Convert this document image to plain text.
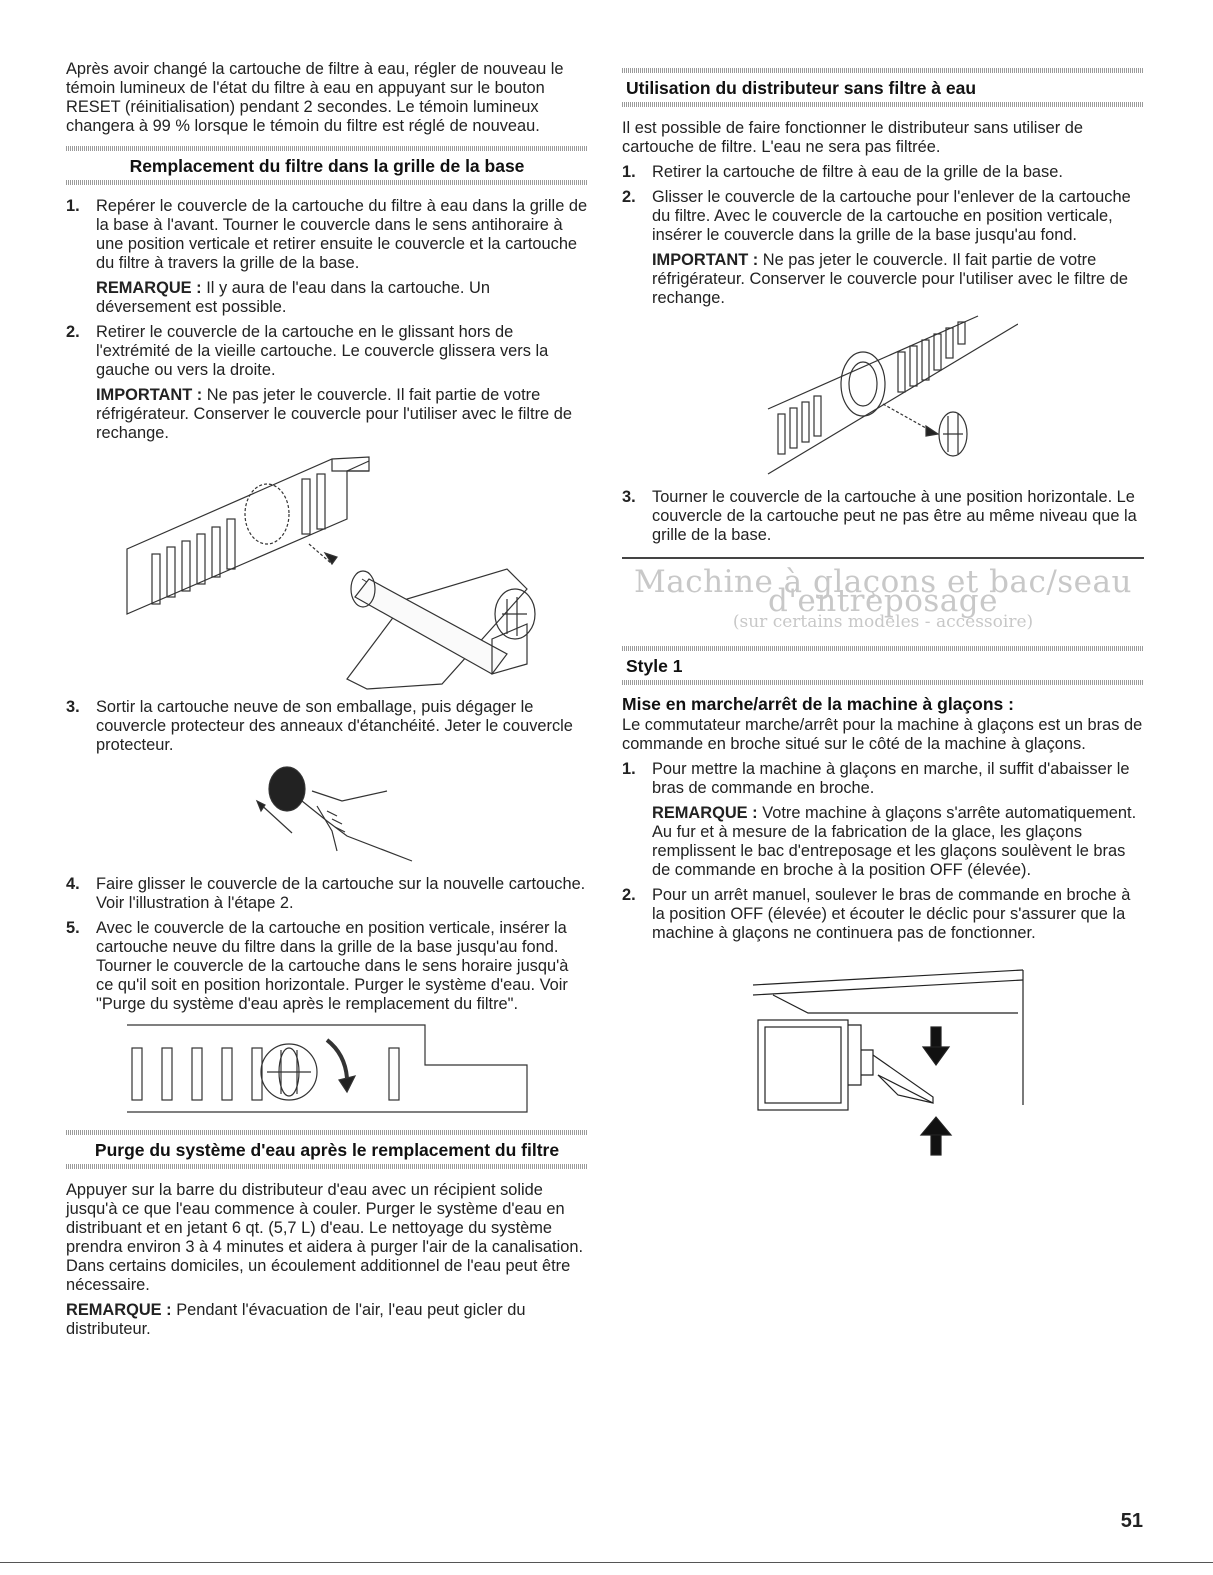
Après avoir changé la cartouche de filtre à eau, régler de nouveau le témoin lumineux de l'état du filtre à eau en appuyant sur le bouton RESET (réinitialisation) pendant 2 secondes. Le témoin lumineux changera à 99 % lorsque le témoin du filtre est réglé de nouveau.

Remplacement du filtre dans la grille de la base
1. Repérer le couvercle de la cartouche du filtre à eau dans la grille de la base à l'avant. Tourner le couvercle dans le sens antihoraire à une position verticale et retirer ensuite le couvercle et la cartouche du filtre à travers la grille de la base.

REMARQUE : Il y aura de l'eau dans la cartouche. Un déversement est possible.

2. Retirer le couvercle de la cartouche en le glissant hors de l'extrémité de la vieille cartouche. Le couvercle glissera vers la gauche ou vers la droite.

IMPORTANT : Ne pas jeter le couvercle. Il fait partie de votre réfrigérateur. Conserver le couvercle pour l'utiliser avec le filtre de rechange.

3. Sortir la cartouche neuve de son emballage, puis dégager le couvercle protecteur des anneaux d'étanchéité. Jeter le couvercle protecteur.

4. Faire glisser le couvercle de la cartouche sur la nouvelle cartouche. Voir l'illustration à l'étape 2.

5. Avec le couvercle de la cartouche en position verticale, insérer la cartouche neuve du filtre dans la grille de la base jusqu'au fond. Tourner le couvercle de la cartouche dans le sens horaire jusqu'à ce qu'il soit en position horizontale. Purger le système d'eau. Voir "Purge du système d'eau après le remplacement du filtre".

Purge du système d'eau après le remplacement du filtre

Appuyer sur la barre du distributeur d'eau avec un récipient solide jusqu'à ce que l'eau commence à couler. Purger le système d'eau en distribuant et en jetant 6 qt. (5,7 L) d'eau. Le nettoyage du système prendra environ 3 à 4 minutes et aidera à purger l'air de la canalisation. Dans certains domiciles, un écoulement additionnel de l'eau peut être nécessaire.

REMARQUE : Pendant l'évacuation de l'air, l'eau peut gicler du distributeur.

Utilisation du distributeur sans filtre à eau

Il est possible de faire fonctionner le distributeur sans utiliser de cartouche de filtre. L'eau ne sera pas filtrée.

1. Retirer la cartouche de filtre à eau de la grille de la base.

2. Glisser le couvercle de la cartouche pour l'enlever de la cartouche du filtre. Avec le couvercle de la cartouche en position verticale, insérer le couvercle dans la grille de la base jusqu'au fond.

IMPORTANT : Ne pas jeter le couvercle. Il fait partie de votre réfrigérateur. Conserver le couvercle pour l'utiliser avec le filtre de rechange.

3. Tourner le couvercle de la cartouche à une position horizontale. Le couvercle de la cartouche peut ne pas être au même niveau que la grille de la base.

Machine à glaçons et bac/seau d'entreposage
(sur certains modèles - accessoire)
Style 1
Mise en marche/arrêt de la machine à glaçons :

Le commutateur marche/arrêt pour la machine à glaçons est un bras de commande en broche situé sur le côté de la machine à glaçons.

1. Pour mettre la machine à glaçons en marche, il suffit d'abaisser le bras de commande en broche.

REMARQUE : Votre machine à glaçons s'arrête automatiquement. Au fur et à mesure de la fabrication de la glace, les glaçons remplissent le bac d'entreposage et les glaçons soulèvent le bras de commande en broche à la position OFF (élevée).

2. Pour un arrêt manuel, soulever le bras de commande en broche à la position OFF (élevée) et écouter le déclic pour s'assurer que la machine à glaçons ne continuera pas de fonctionner.

51
